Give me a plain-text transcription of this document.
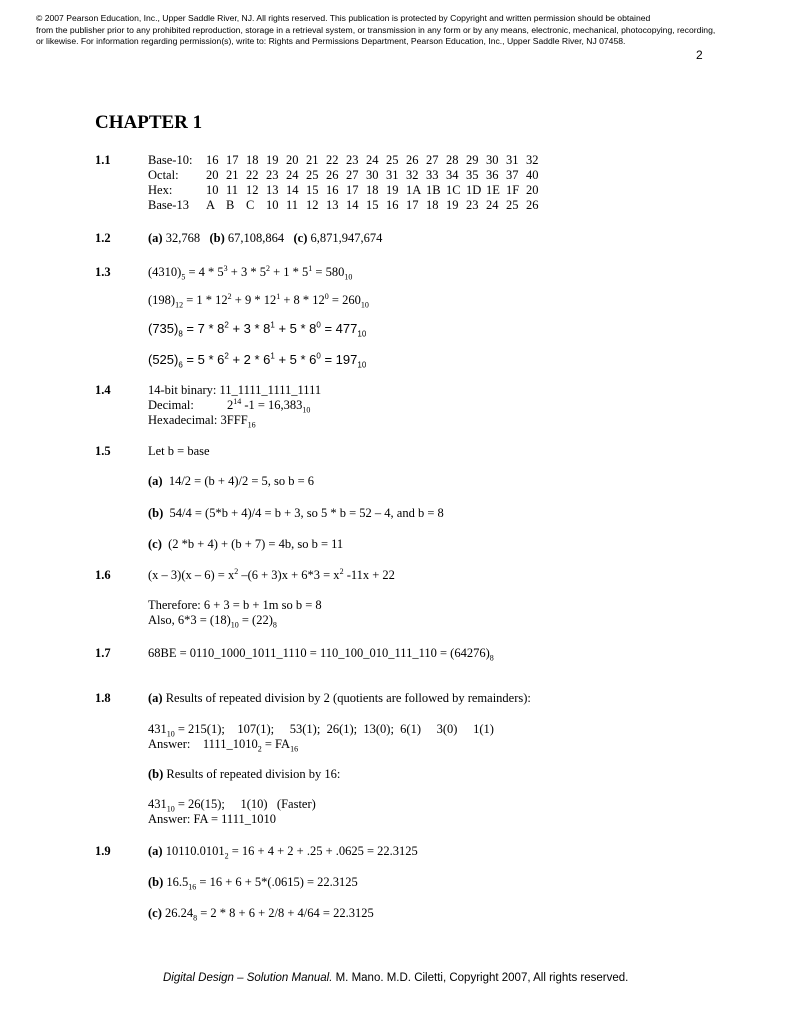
© 2007 Pearson Education, Inc., Upper Saddle River, NJ. All rights reserved. This publication is protected by Copyright and written permission should be obtained
from the publisher prior to any prohibited reproduction, storage in a retrieval system, or transmission in any form or by any means, electronic, mechanical, photocopying, recording,
or likewise. For information regarding permission(s), write to: Rights and Permissions Department, Pearson Education, Inc., Upper Saddle River, NJ 07458.
2
CHAPTER 1
1.1	Base-10:	16	17	18	19	20	21	22	23	24	25	26	27	28	29	30	31	32
Octal:	20	21	22	23	24	25	26	27	30	31	32	33	34	35	36	37	40
Hex:	10	11	12	13	14	15	16	17	18	19	1A	1B	1C	1D	1E	1F	20
Base-13	A	B	C	10	11	12	13	14	15	16	17	18	19	23	24	25	26
1.2	(a) 32,768 (b) 67,108,864 (c) 6,871,947,674
1.3	$(4310)_5 = 4 * 5^3 + 3 * 5^2 + 1 * 5^1 = 580_{10}$
$(198)_{12} = 1 * 12^2 + 9 * 12^1 + 8 * 12^0 = 260_{10}$
$(735)_8 = 7 * 8^2 + 3 * 8^1 + 5 * 8^0 = 477_{10}$
$(525)_6 = 5 * 6^2 + 2 * 6^1 + 5 * 6^0 = 197_{10}$
1.4	14-bit binary: 11_1111_1111_1111
Decimal:	$2^{14}$ $-1 = 16,383_{10}$
Hexadecimal: $3FFF_{16}$
1.5	Let b = base
(a) 14/2 = (b + 4)/2 = 5, so b = 6
(b) 54/4 = (5*b + 4)/4 = b + 3, so 5 * b = 52 – 4, and b = 8
(c) (2 *b + 4) + (b + 7) = 4b, so b = 11
1.6	$(x - 3)(x - 6) = x^2$ $-(6 + 3)x + 6*3 = x^2$ -11x + 22
Therefore: 6 + 3 = b + 1m so b = 8
Also, $6*3 = (18)_{10} = (22)_8$
1.7	68BE = 0110_1000_1011_1110 = 110_100_010_111_110 = $(64276)_8$
1.8	(a) Results of repeated division by 2 (quotients are followed by remainders):
$431_{10} = 215(1)$;    107(1);     53(1);  26(1);  13(0);  6(1)     3(0)     1(1)
Answer:    $1111\_1010_2 = FA_{16}$
(b) Results of repeated division by 16:
$431_{10} = 26(15)$;     1(10)   (Faster)
Answer: FA = 1111_1010
1.9	(a) $10110.0101_2 = 16 + 4 + 2 + .25 + .0625 = 22.3125$
(b) $16.5_{16} = 16 + 6 + 5*(.0615) = 22.3125$
(c) $26.24_8 = 2 * 8 + 6 + 2/8 + 4/64 = 22.3125$
Digital Design – Solution Manual. M. Mano. M.D. Ciletti, Copyright 2007, All rights reserved.
